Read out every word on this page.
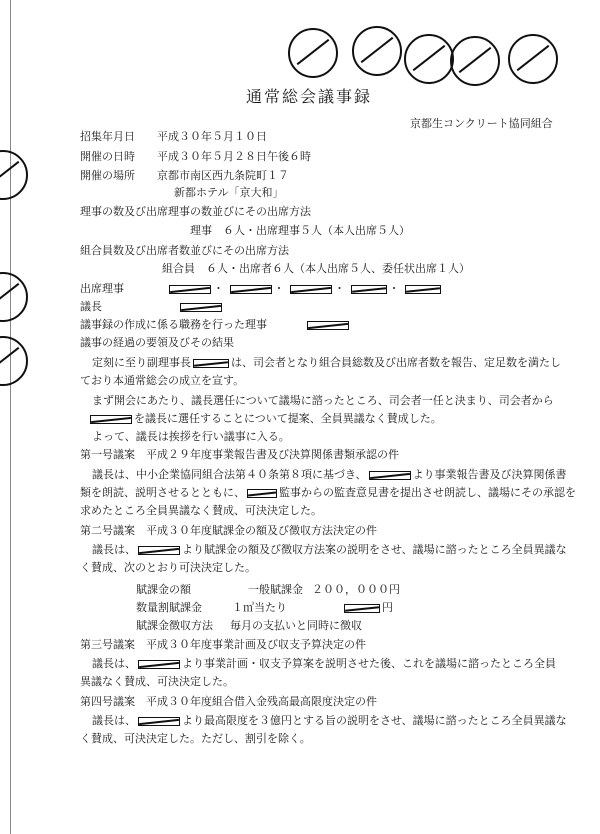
通常総会議事録
京都生コンクリート協同組合
招集年月日　　平成３０年５月１０日
開催の日時　　平成３０年５月２８日午後６時
開催の場所　　京都市南区西九条院町１７
新都ホテル「京大和」
理事の数及び出席理事の数並びにその出席方法
理事　６人・出席理事５人（本人出席５人）
組合員数及び出席者数並びにその出席方法
組合員　６人・出席者６人（本人出席５人、委任状出席１人）
出席理事	・	・	・	・
議長
議事録の作成に係る職務を行った理事
議事の経過の要領及びその結果
定刻に至り副理事長	は、司会者となり組合員総数及び出席者数を報告、定足数を満たし
ており本通常総会の成立を宣す。
まず開会にあたり、議長選任について議場に諮ったところ、司会者一任と決まり、司会者から
を議長に選任することについて提案、全員異議なく賛成した。
よって、議長は挨拶を行い議事に入る。
第一号議案　平成２９年度事業報告書及び決算関係書類承認の件
議長は、中小企業協同組合法第４０条第８項に基づき、	より事業報告書及び決算関係書
類を朗読、説明させるとともに、	監事からの監査意見書を提出させ朗読し、議場にその承認を
求めたところ全員異議なく賛成、可決決定した。
第二号議案　平成３０年度賦課金の額及び徴収方法決定の件
議長は、	より賦課金の額及び徴収方法案の説明をさせ、議場に諮ったところ全員異議な
く賛成、次のとおり可決決定した。
賦課金の額	一般賦課金 ２００，０００円
数量割賦課金	１㎥当たり	円
賦課金徴収方法 毎月の支払いと同時に徴収
第三号議案　平成３０年度事業計画及び収支予算決定の件
議長は、	より事業計画・収支予算案を説明させた後、これを議場に諮ったところ全員
異議なく賛成、可決決定した。
第四号議案　平成３０年度組合借入金残高最高限度決定の件
議長は、	より最高限度を３億円とする旨の説明をさせ、議場に諮ったところ全員異議な
く賛成、可決決定した。ただし、割引を除く。
